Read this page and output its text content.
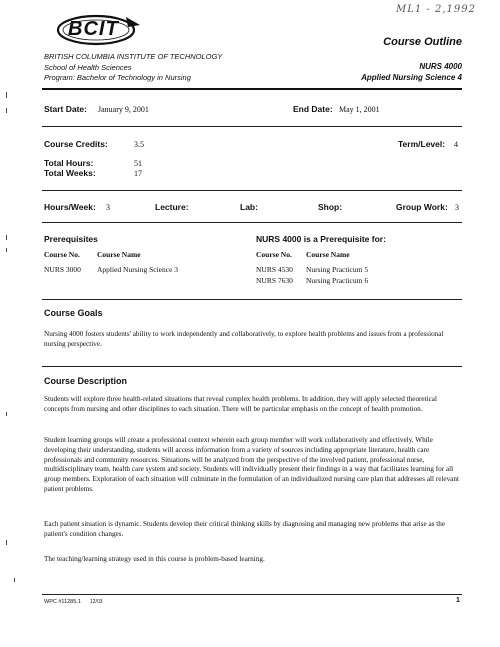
ML1 - 2,1992
BCIT
Course Outline
BRITISH COLUMBIA INSTITUTE OF TECHNOLOGY
School of Health Sciences
Program: Bachelor of Technology in Nursing
NURS 4000
Applied Nursing Science 4
Start Date: January 9, 2001	End Date: May 1, 2001
Course Credits:	3.5	Term/Level: 4
Total Hours:	51
Total Weeks:	17
Hours/Week: 3	Lecture:	Lab:	Shop:	Group Work: 3
Prerequisites
Course No. Course Name
NURS 3000 Applied Nursing Science 3
NURS 4000 is a Prerequisite for:
Course No. Course Name
NURS 4530 Nursing Practicum 5
NURS 7630 Nursing Practicum 6
Course Goals
Nursing 4000 fosters students' ability to work independently and collaboratively, to explore health problems and issues from a professional nursing perspective.
Course Description
Students will explore three health-related situations that reveal complex health problems. In addition, they will apply selected theoretical concepts from nursing and other disciplines to each situation. There will be particular emphasis on the concept of health promotion.
Student learning groups will create a professional context wherein each group member will work collaboratively and effectively. While developing their understanding, students will access information from a variety of sources including appropriate literature, health care professionals and community resources. Situations will be analyzed from the perspective of the involved patient, professional nurse, multidisciplinary team, health care system and society. Students will individually present their findings in a way that facilitates learning for all group members. Exploration of each situation will culminate in the formulation of an individualized nursing care plan that addresses all relevant patient problems.
Each patient situation is dynamic. Students develop their critical thinking skills by diagnosing and managing new problems that arise as the patient's condition changes.
The teaching/learning strategy used in this course is problem-based learning.
WPC #11285.1 12/03	1
